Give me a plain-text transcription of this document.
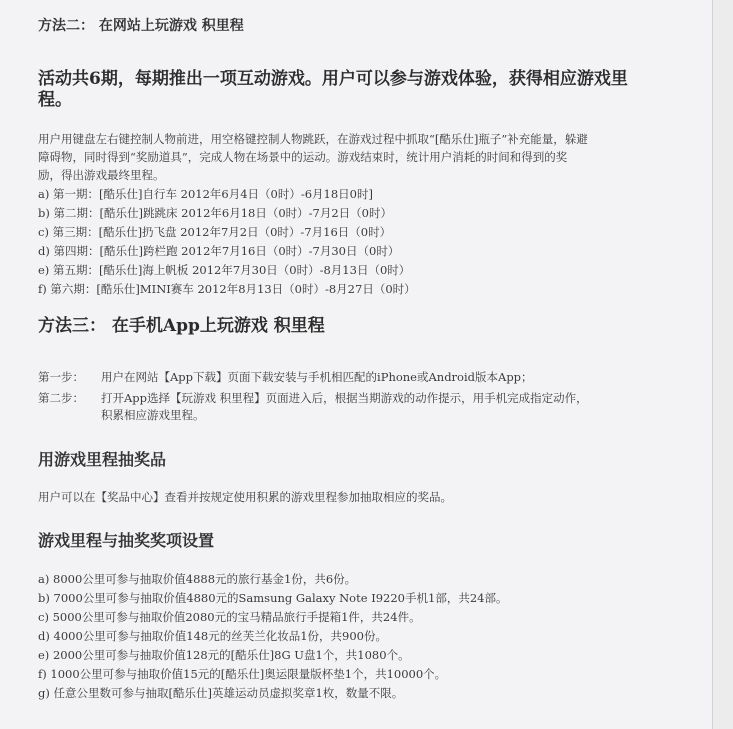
方法二： 在网站上玩游戏 积里程
活动共6期，每期推出一项互动游戏。用户可以参与游戏体验，获得相应游戏里
程。
用户用键盘左右键控制人物前进，用空格键控制人物跳跃，在游戏过程中抓取“[酷乐仕]瓶子”补充能量，躲避
障碍物，同时得到“奖励道具”，完成人物在场景中的运动。游戏结束时，统计用户消耗的时间和得到的奖
励，得出游戏最终里程。
a) 第一期：[酷乐仕]自行车 2012年6月4日（0时）-6月18日0时]
b) 第二期：[酷乐仕]跳跳床 2012年6月18日（0时）-7月2日（0时）
c) 第三期：[酷乐仕]扔飞盘 2012年7月2日（0时）-7月16日（0时）
d) 第四期：[酷乐仕]跨栏跑 2012年7月16日（0时）-7月30日（0时）
e) 第五期：[酷乐仕]海上帆板 2012年7月30日（0时）-8月13日（0时）
f) 第六期：[酷乐仕]MINI赛车 2012年8月13日（0时）-8月27日（0时）
方法三： 在手机App上玩游戏 积里程
第一步： 用户在网站【App下载】页面下载安装与手机相匹配的iPhone或Android版本App；
第二步： 打开App选择【玩游戏 积里程】页面进入后，根据当期游戏的动作提示，用手机完成指定动作，
积累相应游戏里程。
用游戏里程抽奖品
用户可以在【奖品中心】查看并按规定使用积累的游戏里程参加抽取相应的奖品。
游戏里程与抽奖奖项设置
a) 8000公里可参与抽取价值4888元的旅行基金1份，共6份。
b) 7000公里可参与抽取价值4880元的Samsung Galaxy Note I9220手机1部，共24部。
c) 5000公里可参与抽取价值2080元的宝马精品旅行手提箱1件，共24件。
d) 4000公里可参与抽取价值148元的丝芙兰化妆品1份，共900份。
e) 2000公里可参与抽取价值128元的[酷乐仕]8G U盘1个，共1080个。
f) 1000公里可参与抽取价值15元的[酷乐仕]奥运限量版杯垫1个，共10000个。
g) 任意公里数可参与抽取[酷乐仕]英雄运动员虚拟奖章1枚，数量不限。
